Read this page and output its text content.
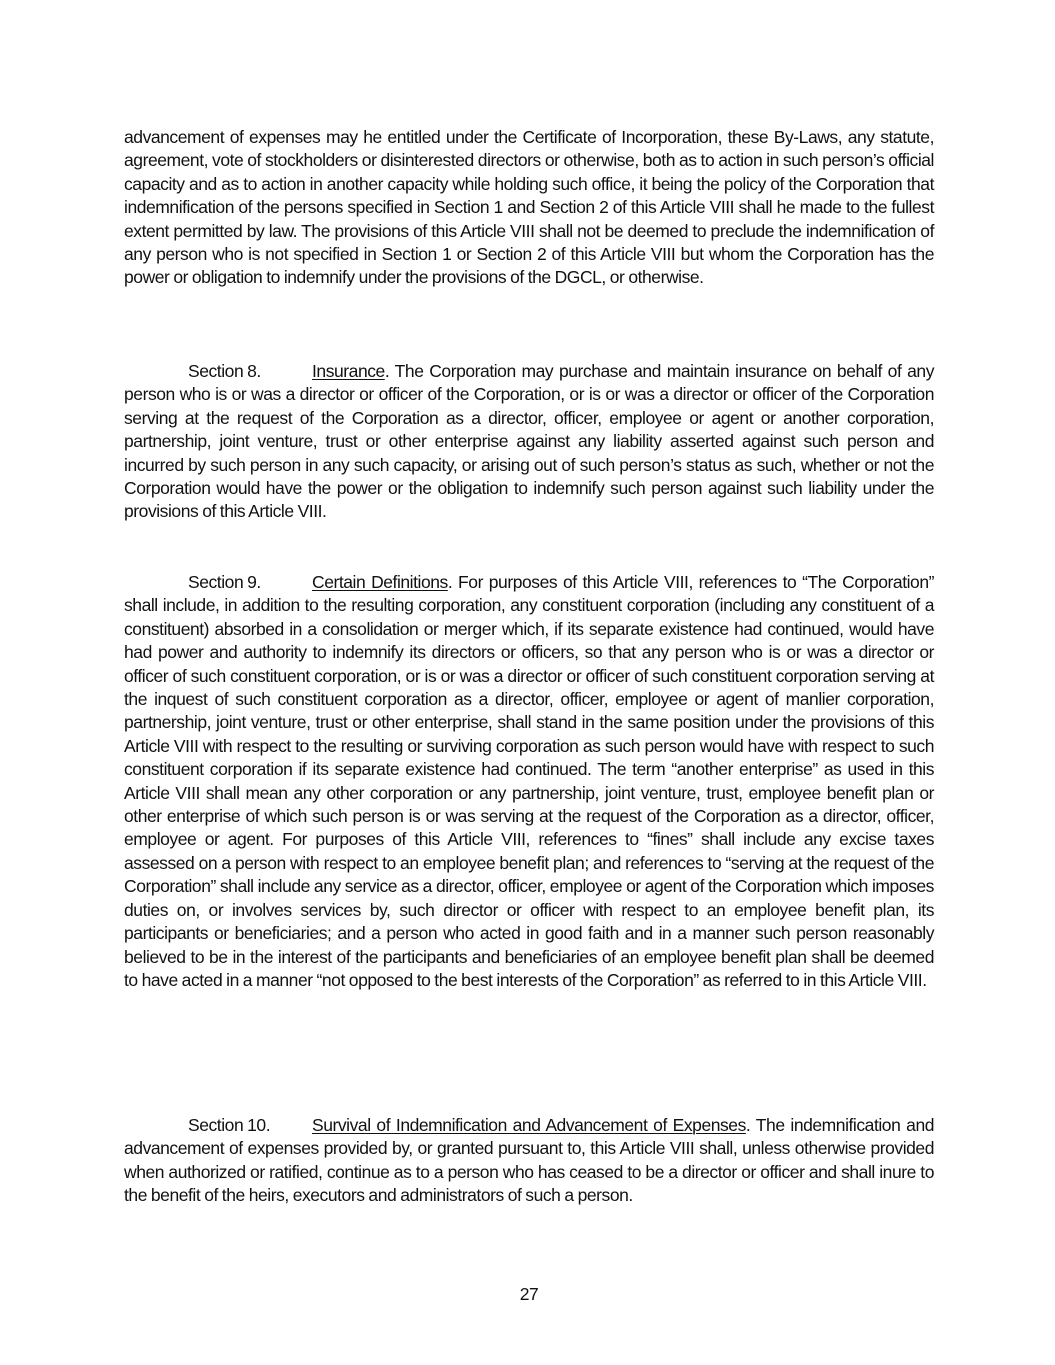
advancement of expenses may he entitled under the Certificate of Incorporation, these By-Laws, any statute, agreement, vote of stockholders or disinterested directors or otherwise, both as to action in such person’s official capacity and as to action in another capacity while holding such office, it being the policy of the Corporation that indemnification of the persons specified in Section 1 and Section 2 of this Article VIII shall he made to the fullest extent permitted by law. The provisions of this Article VIII shall not be deemed to preclude the indemnification of any person who is not specified in Section 1 or Section 2 of this Article VIII but whom the Corporation has the power or obligation to indemnify under the provisions of the DGCL, or otherwise.

Section 8.	Insurance. The Corporation may purchase and maintain insurance on behalf of any person who is or was a director or officer of the Corporation, or is or was a director or officer of the Corporation serving at the request of the Corporation as a director, officer, employee or agent or another corporation, partnership, joint venture, trust or other enterprise against any liability asserted against such person and incurred by such person in any such capacity, or arising out of such person’s status as such, whether or not the Corporation would have the power or the obligation to indemnify such person against such liability under the provisions of this Article VIII.

Section 9.	Certain Definitions. For purposes of this Article VIII, references to “The Corporation” shall include, in addition to the resulting corporation, any constituent corporation (including any constituent of a constituent) absorbed in a consolidation or merger which, if its separate existence had continued, would have had power and authority to indemnify its directors or officers, so that any person who is or was a director or officer of such constituent corporation, or is or was a director or officer of such constituent corporation serving at the inquest of such constituent corporation as a director, officer, employee or agent of manlier corporation, partnership, joint venture, trust or other enterprise, shall stand in the same position under the provisions of this Article VIII with respect to the resulting or surviving corporation as such person would have with respect to such constituent corporation if its separate existence had continued. The term “another enterprise” as used in this Article VIII shall mean any other corporation or any partnership, joint venture, trust, employee benefit plan or other enterprise of which such person is or was serving at the request of the Corporation as a director, officer, employee or agent. For purposes of this Article VIII, references to “fines” shall include any excise taxes assessed on a person with respect to an employee benefit plan; and references to “serving at the request of the Corporation” shall include any service as a director, officer, employee or agent of the Corporation which imposes duties on, or involves services by, such director or officer with respect to an employee benefit plan, its participants or beneficiaries; and a person who acted in good faith and in a manner such person reasonably believed to be in the interest of the participants and beneficiaries of an employee benefit plan shall be deemed to have acted in a manner “not opposed to the best interests of the Corporation” as referred to in this Article VIII.

Section 10. Survival of Indemnification and Advancement of Expenses. The indemnification and advancement of expenses provided by, or granted pursuant to, this Article VIII shall, unless otherwise provided when authorized or ratified, continue as to a person who has ceased to be a director or officer and shall inure to the benefit of the heirs, executors and administrators of such a person.

27
